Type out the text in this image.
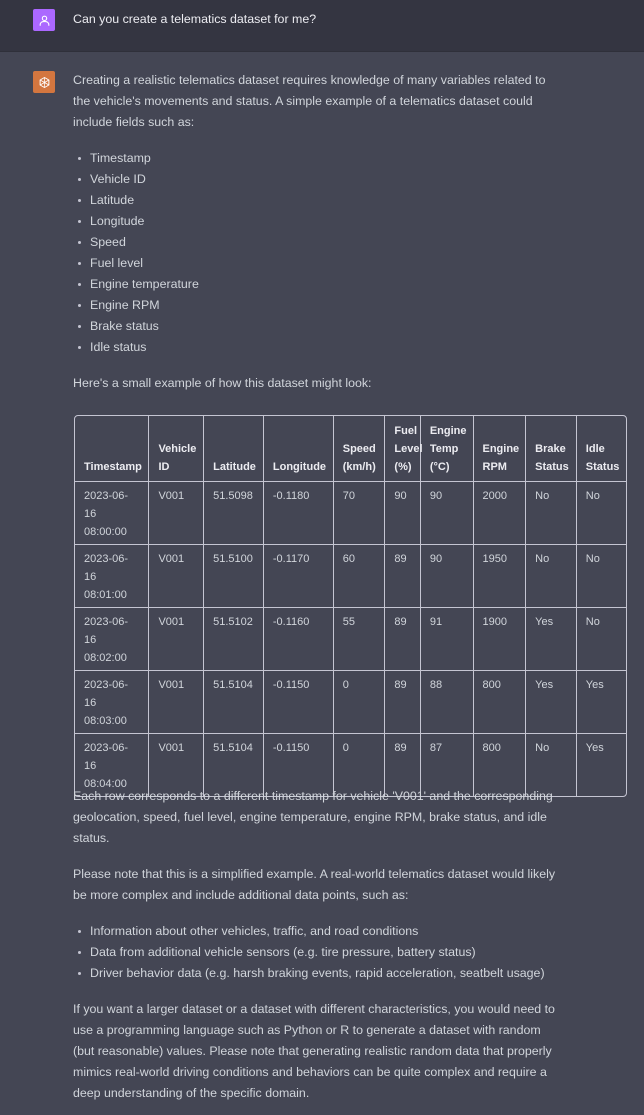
Can you create a telematics dataset for me?

Creating a realistic telematics dataset requires knowledge of many variables related to the vehicle's movements and status. A simple example of a telematics dataset could include fields such as:

Timestamp
Vehicle ID
Latitude
Longitude
Speed
Fuel level
Engine temperature
Engine RPM
Brake status
Idle status

Here's a small example of how this dataset might look:

Timestamp	Vehicle ID	Latitude	Longitude	Speed (km/h)	Fuel Level (%)	Engine Temp (°C)	Engine RPM	Brake Status	Idle Status
2023-06-16 08:00:00	V001	51.5098	-0.1180	70	90	90	2000	No	No
2023-06-16 08:01:00	V001	51.5100	-0.1170	60	89	90	1950	No	No
2023-06-16 08:02:00	V001	51.5102	-0.1160	55	89	91	1900	Yes	No
2023-06-16 08:03:00	V001	51.5104	-0.1150	0	89	88	800	Yes	Yes
2023-06-16 08:04:00	V001	51.5104	-0.1150	0	89	87	800	No	Yes

Each row corresponds to a different timestamp for vehicle 'V001' and the corresponding geolocation, speed, fuel level, engine temperature, engine RPM, brake status, and idle status.

Please note that this is a simplified example. A real-world telematics dataset would likely be more complex and include additional data points, such as:

Information about other vehicles, traffic, and road conditions
Data from additional vehicle sensors (e.g. tire pressure, battery status)
Driver behavior data (e.g. harsh braking events, rapid acceleration, seatbelt usage)

If you want a larger dataset or a dataset with different characteristics, you would need to use a programming language such as Python or R to generate a dataset with random (but reasonable) values. Please note that generating realistic random data that properly mimics real-world driving conditions and behaviors can be quite complex and require a deep understanding of the specific domain.
